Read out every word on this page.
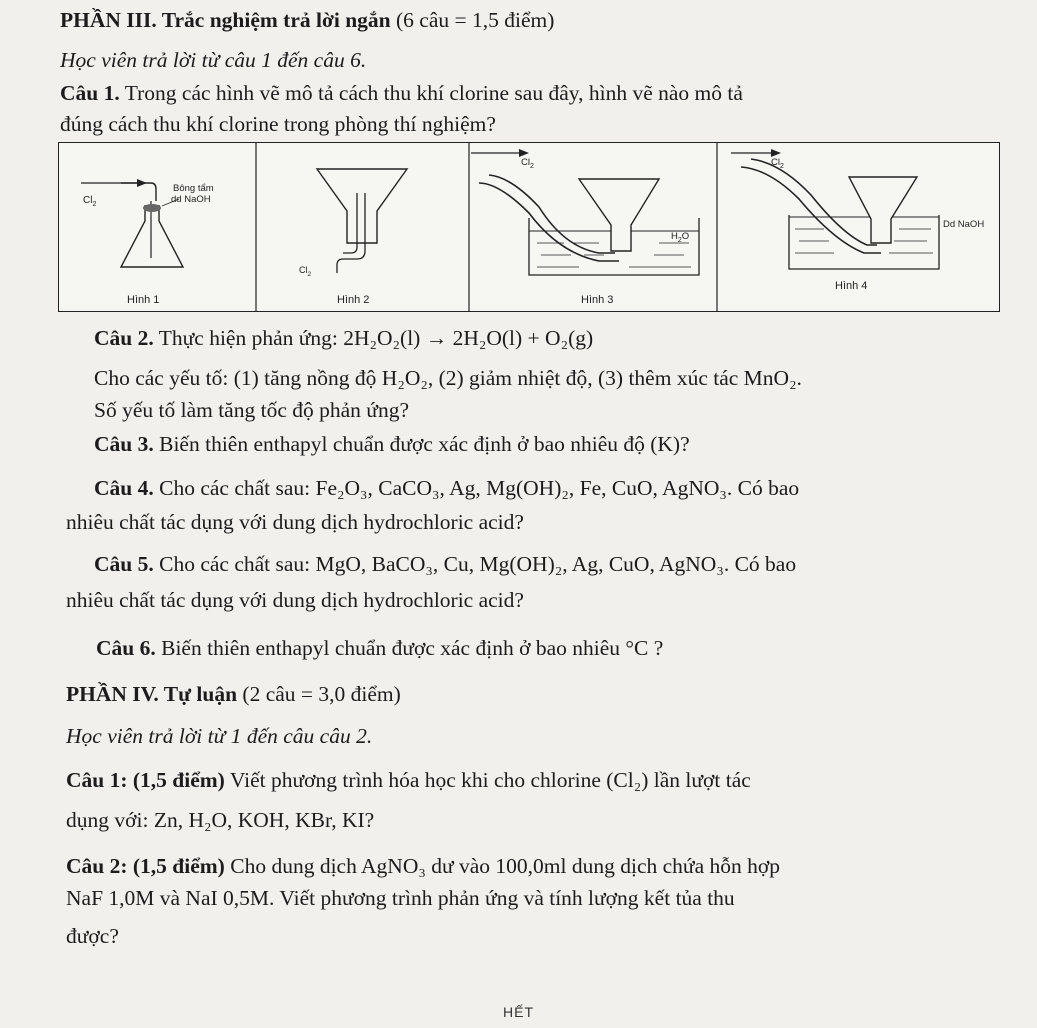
PHẦN III. Trắc nghiệm trả lời ngắn (6 câu = 1,5 điểm)
Học viên trả lời từ câu 1 đến câu 6.
Câu 1. Trong các hình vẽ mô tả cách thu khí clorine sau đây, hình vẽ nào mô tả
đúng cách thu khí clorine trong phòng thí nghiệm?
$Cl_2$
Bông tẩm
dd NaOH
Hình 1
$Cl_2$
Hình 2
$Cl_2$
$H_2O$
Hình 3
$Cl_2$
Dd NaOH
Hình 4
Câu 2. Thực hiện phản ứng: 2H₂O₂(l) → 2H₂O(l) + O₂(g)
Cho các yếu tố: (1) tăng nồng độ H₂O₂, (2) giảm nhiệt độ, (3) thêm xúc tác MnO₂.
Số yếu tố làm tăng tốc độ phản ứng?
Câu 3. Biến thiên enthapyl chuẩn được xác định ở bao nhiêu độ (K)?
Câu 4. Cho các chất sau: Fe₂O₃, CaCO₃, Ag, Mg(OH)₂, Fe, CuO, AgNO₃. Có bao
nhiêu chất tác dụng với dung dịch hydrochloric acid?
Câu 5. Cho các chất sau: MgO, BaCO₃, Cu, Mg(OH)₂, Ag, CuO, AgNO₃. Có bao
nhiêu chất tác dụng với dung dịch hydrochloric acid?
Câu 6. Biến thiên enthapyl chuẩn được xác định ở bao nhiêu °C ?
PHẦN IV. Tự luận (2 câu = 3,0 điểm)
Học viên trả lời từ 1 đến câu câu 2.
Câu 1: (1,5 điểm) Viết phương trình hóa học khi cho chlorine (Cl₂) lần lượt tác
dụng với: Zn, H₂O, KOH, KBr, KI?
Câu 2: (1,5 điểm) Cho dung dịch AgNO₃ dư vào 100,0ml dung dịch chứa hỗn hợp
NaF 1,0M và NaI 0,5M. Viết phương trình phản ứng và tính lượng kết tủa thu
được?
HẾT
